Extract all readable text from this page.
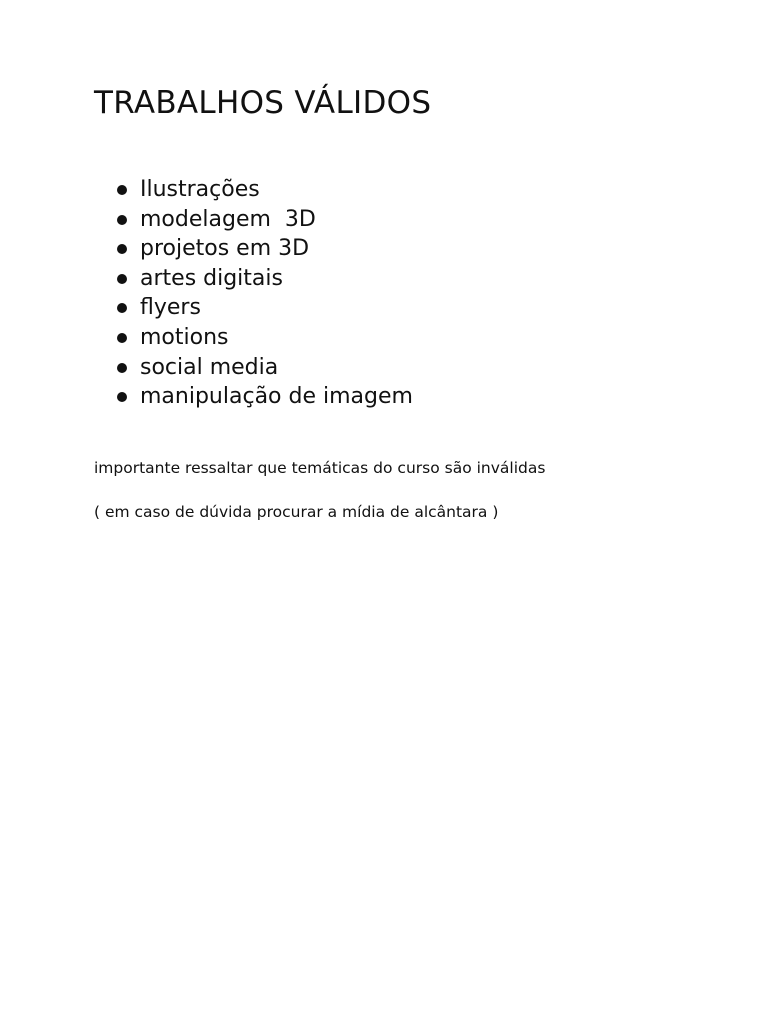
TRABALHOS VÁLIDOS
Ilustrações
modelagem  3D
projetos em 3D
artes digitais
flyers
motions
social media
manipulação de imagem

importante ressaltar que temáticas do curso são inválidas

( em caso de dúvida procurar a mídia de alcântara )
